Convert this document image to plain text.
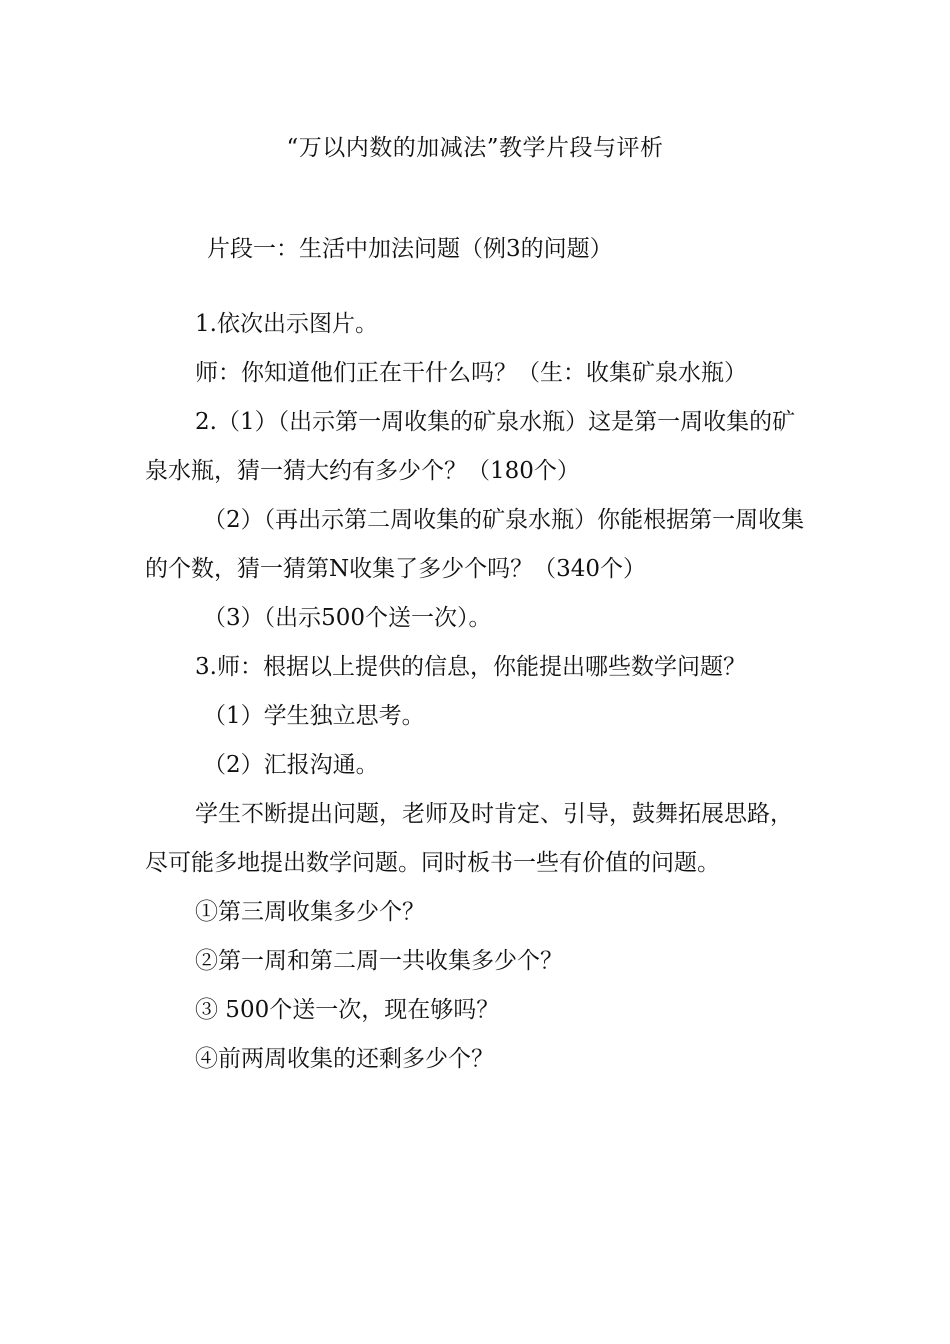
“万以内数的加减法”教学片段与评析
片段一：生活中加法问题（例3的问题）

1.依次出示图片。

师：你知道他们正在干什么吗？（生：收集矿泉水瓶）

2.（1）（出示第一周收集的矿泉水瓶）这是第一周收集的矿泉水瓶，猜一猜大约有多少个？（180个）

（2）（再出示第二周收集的矿泉水瓶）你能根据第一周收集的个数，猜一猜第N收集了多少个吗？（340个）

（3）（出示500个送一次）。

3.师：根据以上提供的信息，你能提出哪些数学问题？

（1）学生独立思考。

（2）汇报沟通。

学生不断提出问题，老师及时肯定、引导，鼓舞拓展思路，尽可能多地提出数学问题。同时板书一些有价值的问题。

①第三周收集多少个？

②第一周和第二周一共收集多少个？

③ 500个送一次，现在够吗？

④前两周收集的还剩多少个？
